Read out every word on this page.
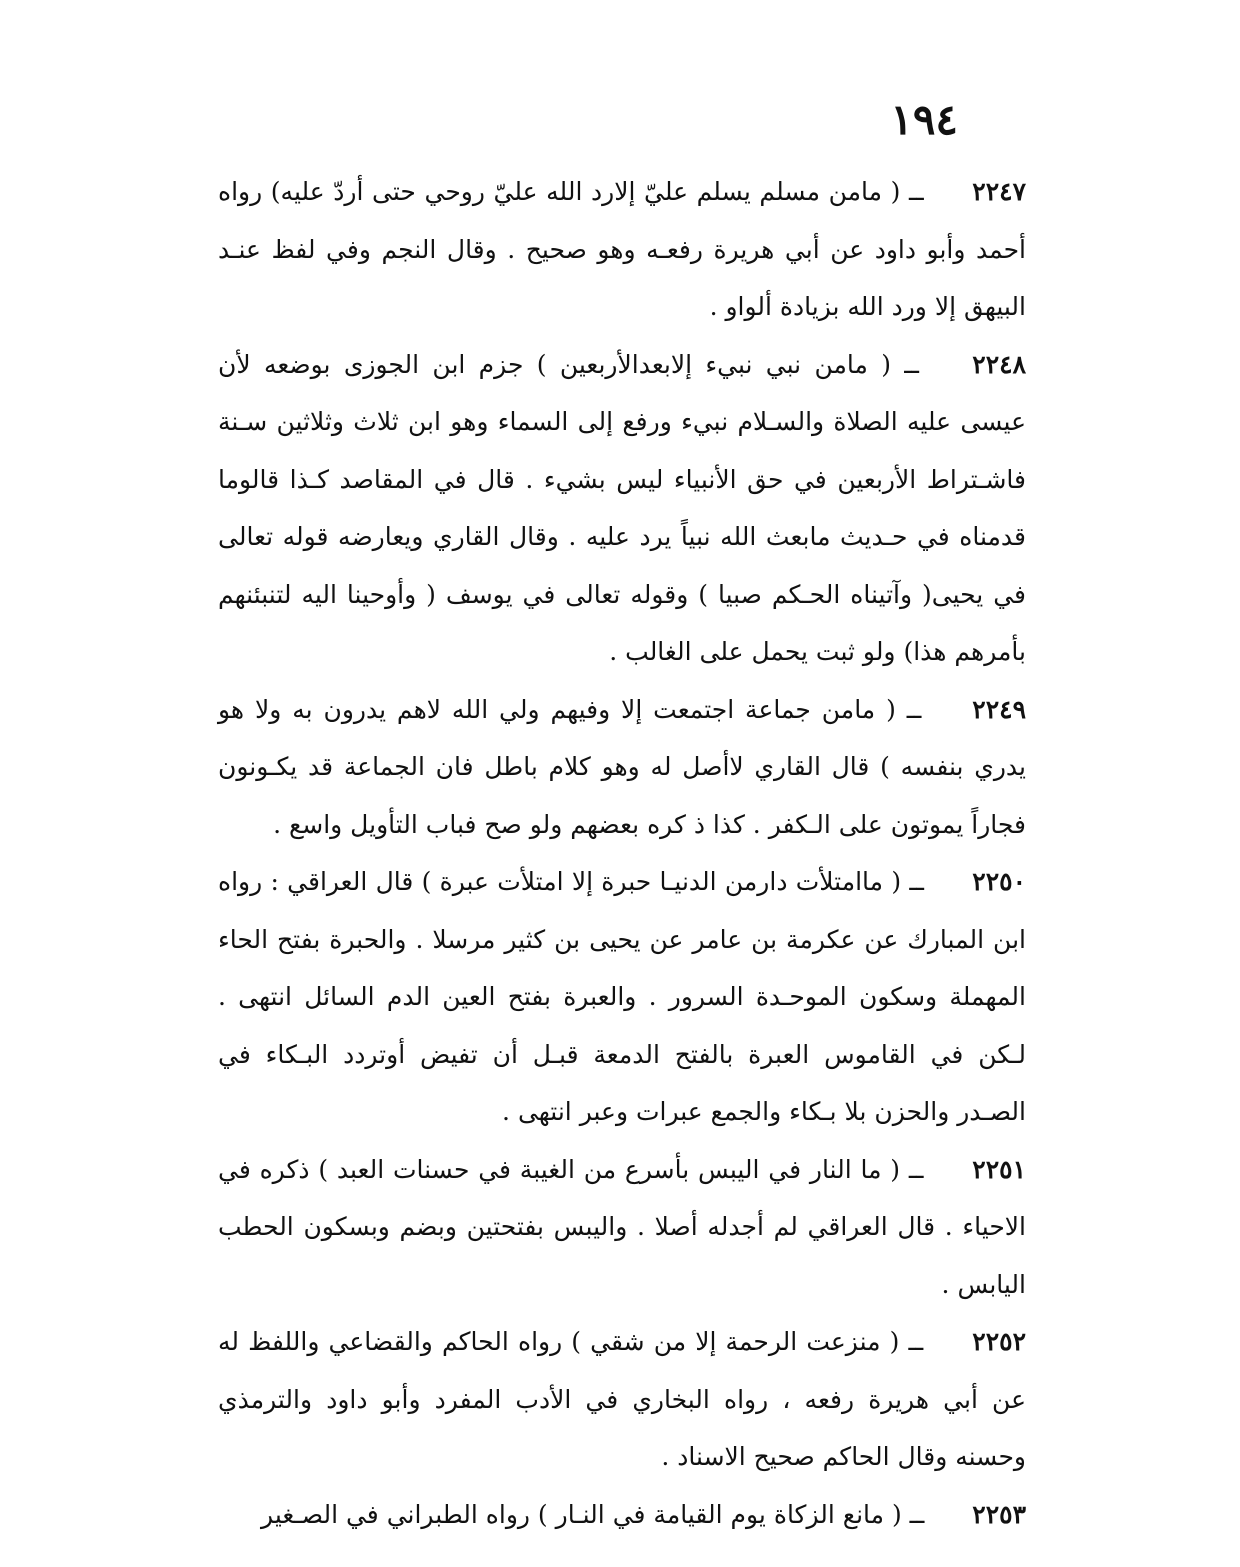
١٩٤

٢٢٤٧ ــ ( مامن مسلم يسلم عليّ إلارد الله عليّ روحي حتى أردّ عليه) رواه أحمد وأبو داود عن أبي هريرة رفعـه وهو صحيح . وقال النجم وفي لفظ عنـد البيهق إلا ورد الله بزيادة ألواو .

٢٢٤٨ ــ ( مامن نبي نبيء إلابعدالأربعين ) جزم ابن الجوزى بوضعه لأن عيسى عليه الصلاة والسـلام نبيء ورفع إلى السماء وهو ابن ثلاث وثلاثين سـنة فاشـتراط الأربعين في حق الأنبياء ليس بشيء . قال في المقاصد كـذا قالوما قدمناه في حـديث مابعث الله نبياً يرد عليه . وقال القاري ويعارضه قوله تعالى في يحيى( وآتيناه الحـكم صبيا ) وقوله تعالى في يوسف ( وأوحينا اليه لتنبئنهم بأمرهم هذا) ولو ثبت يحمل على الغالب .

٢٢٤٩ ــ ( مامن جماعة اجتمعت إلا وفيهم ولي الله لاهم يدرون به ولا هو يدري بنفسه ) قال القاري لاأصل له وهو كلام باطل فان الجماعة قد يكـونون فجاراً يموتون على الـكفر . كذا ذ كره بعضهم ولو صح فباب التأويل واسع .

٢٢٥٠ ــ ( ماامتلأت دارمن الدنيـا حبرة إلا امتلأت عبرة ) قال العراقي : رواه ابن المبارك عن عكرمة بن عامر عن يحيى بن كثير مرسلا . والحبرة بفتح الحاء المهملة وسكون الموحـدة السرور . والعبرة بفتح العين الدم السائل انتهى . لـكن في القاموس العبرة بالفتح الدمعة قبـل أن تفيض أوتردد البـكاء في الصـدر والحزن بلا بـكاء والجمع عبرات وعبر انتهى .

٢٢٥١ ــ ( ما النار في اليبس بأسرع من الغيبة في حسنات العبد ) ذكره في الاحياء . قال العراقي لم أجدله أصلا . واليبس بفتحتين وبضم وبسكون الحطب اليابس .

٢٢٥٢ ــ ( منزعت الرحمة إلا من شقي ) رواه الحاكم والقضاعي واللفظ له عن أبي هريرة رفعه ، رواه البخاري في الأدب المفرد وأبو داود والترمذي وحسنه وقال الحاكم صحيح الاسناد .

٢٢٥٣ ــ ( مانع الزكاة يوم القيامة في النـار ) رواه الطبراني في الصـغير
